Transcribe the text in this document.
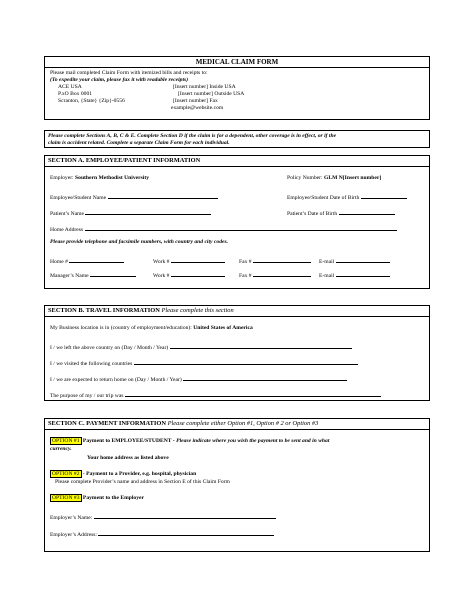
MEDICAL CLAIM FORM
Please mail completed Claim Form with itemized bills and receipts to:
(To expedite your claim, please fax it with readable receipts)
ACE USA
P.xO Box 0001
Scranton, {State} {Zip}-0556
[Insert number] Inside USA
[Insert number] Outside USA
[Insert number] Fax
example@website.com
Please complete Sections A, B, C & E. Complete Section D if the claim is for a dependent, other coverage is in effect, or if the
claim is accident related. Complete a separate Claim Form for each individual.
SECTION A. EMPLOYEE/PATIENT INFORMATION
Employer: Southern Methodist University	Policy Number: GLM N[Insert number]
Employee/Student Name	Employee/Student Date of Birth
Patient’s Name	Patient’s Date of Birth
Home Address
Please provide telephone and facsimile numbers, with country and city codes.
Home #	Work #	Fax #	E-mail
Manager’s Name	Work #	Fax #	E-mail
SECTION B. TRAVEL INFORMATION Please complete this section
My Business location is in (country of employment/education): United States of America
I / we left the above country on (Day / Month / Year)
I / we visited the following countries
I / we are expected to return home on (Day / Month / Year)
The purpose of my / our trip was
SECTION C. PAYMENT INFORMATION Please complete either Option #1, Option # 2 or Option #3
OPTION #1 Payment to EMPLOYEE/STUDENT - Please indicate where you wish the payment to be sent and in what
currency.
Your home address as listed above
OPTION #2 - Payment to a Provider, e.g. hospital, physician
Please complete Provider’s name and address in Section E of this Claim Form
OPTION #3 Payment to the Employer
Employer’s Name:
Employer’s Address:
